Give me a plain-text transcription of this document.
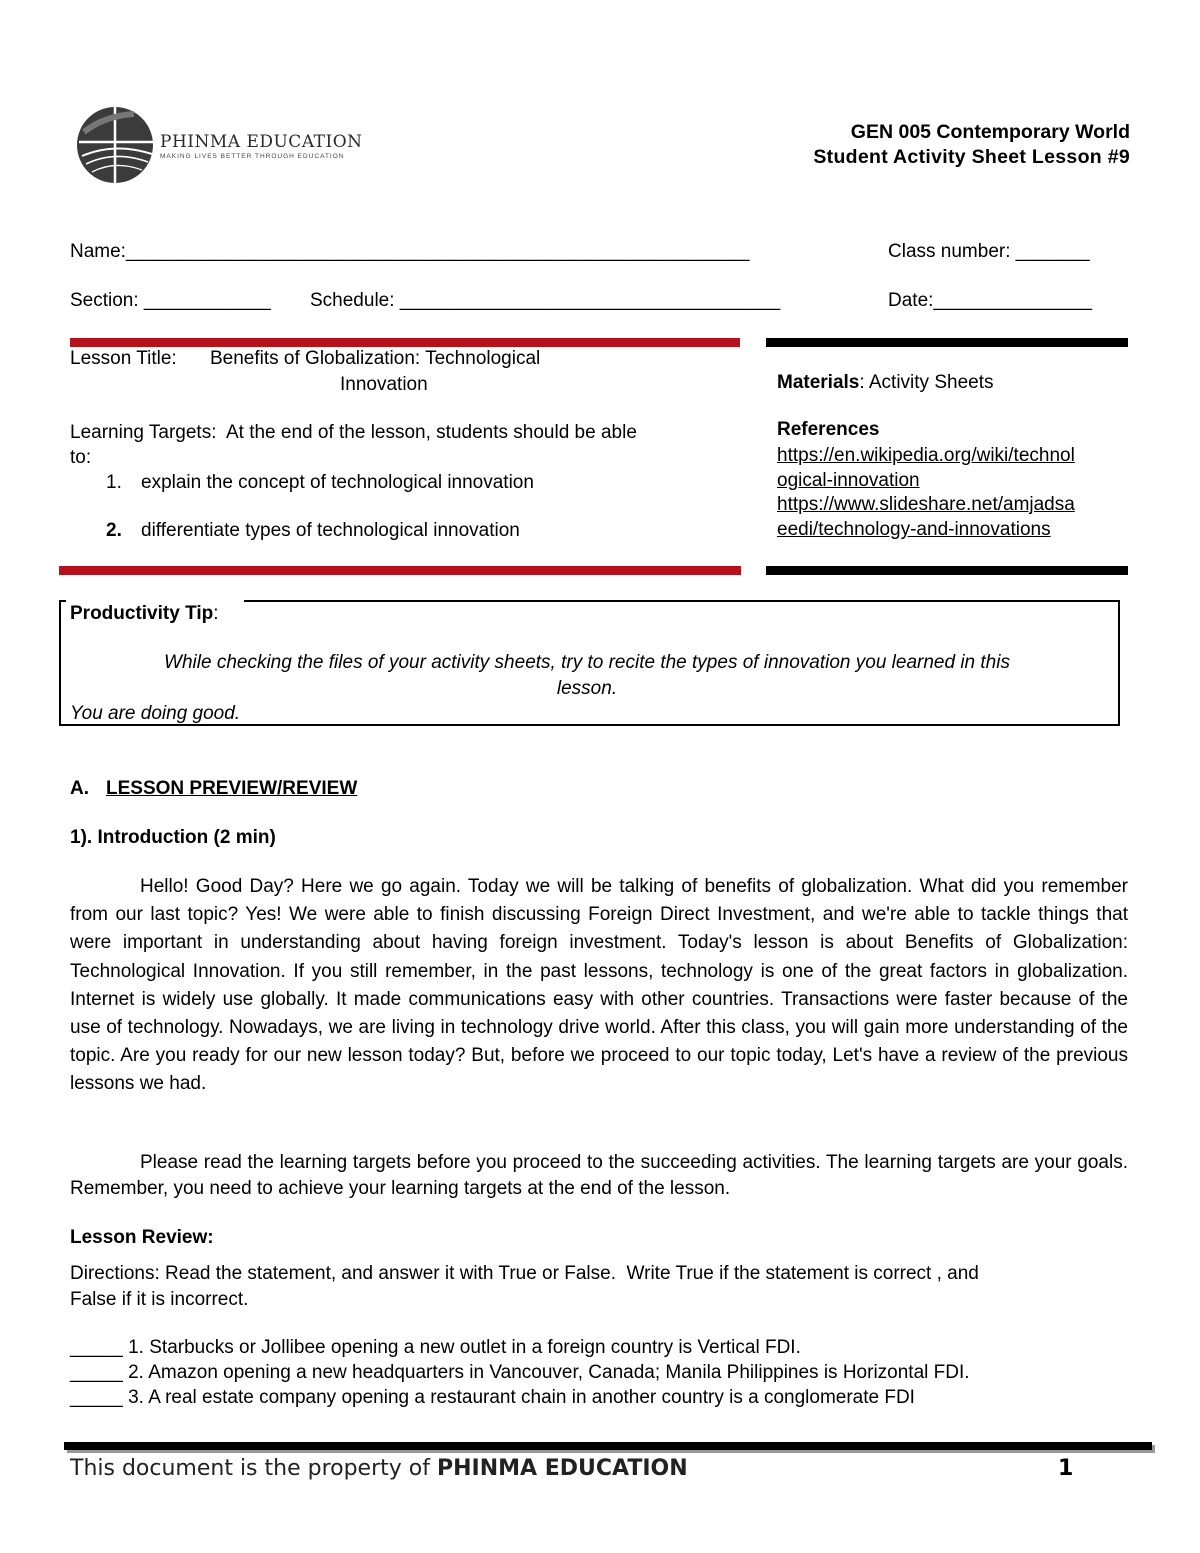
PHINMA EDUCATION
MAKING LIVES BETTER THROUGH EDUCATION
GEN 005 Contemporary World
Student Activity Sheet Lesson #9
Name:___________________________________________________________	Class number: _______
Section: ____________ Schedule: ____________________________________	Date:_______________
Lesson Title: Benefits of Globalization: Technological
Innovation
Learning Targets:  At the end of the lesson, students should be able
to:
1. explain the concept of technological innovation
2. differentiate types of technological innovation
Materials: Activity Sheets
References
https://en.wikipedia.org/wiki/technol
ogical-innovation
https://www.slideshare.net/amjadsa
eedi/technology-and-innovations
Productivity Tip:
While checking the files of your activity sheets, try to recite the types of innovation you learned in this
lesson.
You are doing good.
A. LESSON PREVIEW/REVIEW
1). Introduction (2 min)
Hello! Good Day? Here we go again. Today we will be talking of benefits of globalization. What did you remember from our last topic? Yes! We were able to finish discussing Foreign Direct Investment, and we're able to tackle things that were important in understanding about having foreign investment. Today's lesson is about Benefits of Globalization: Technological Innovation. If you still remember, in the past lessons, technology is one of the great factors in globalization. Internet is widely use globally. It made communications easy with other countries. Transactions were faster because of the use of technology. Nowadays, we are living in technology drive world. After this class, you will gain more understanding of the topic. Are you ready for our new lesson today? But, before we proceed to our topic today, Let's have a review of the previous lessons we had.
Please read the learning targets before you proceed to the succeeding activities. The learning targets are your goals. Remember, you need to achieve your learning targets at the end of the lesson.
Lesson Review:
Directions: Read the statement, and answer it with True or False.  Write True if the statement is correct , and
False if it is incorrect.
_____ 1. Starbucks or Jollibee opening a new outlet in a foreign country is Vertical FDI.
_____ 2. Amazon opening a new headquarters in Vancouver, Canada; Manila Philippines is Horizontal FDI.
_____ 3. A real estate company opening a restaurant chain in another country is a conglomerate FDI
This document is the property of PHINMA EDUCATION	1
